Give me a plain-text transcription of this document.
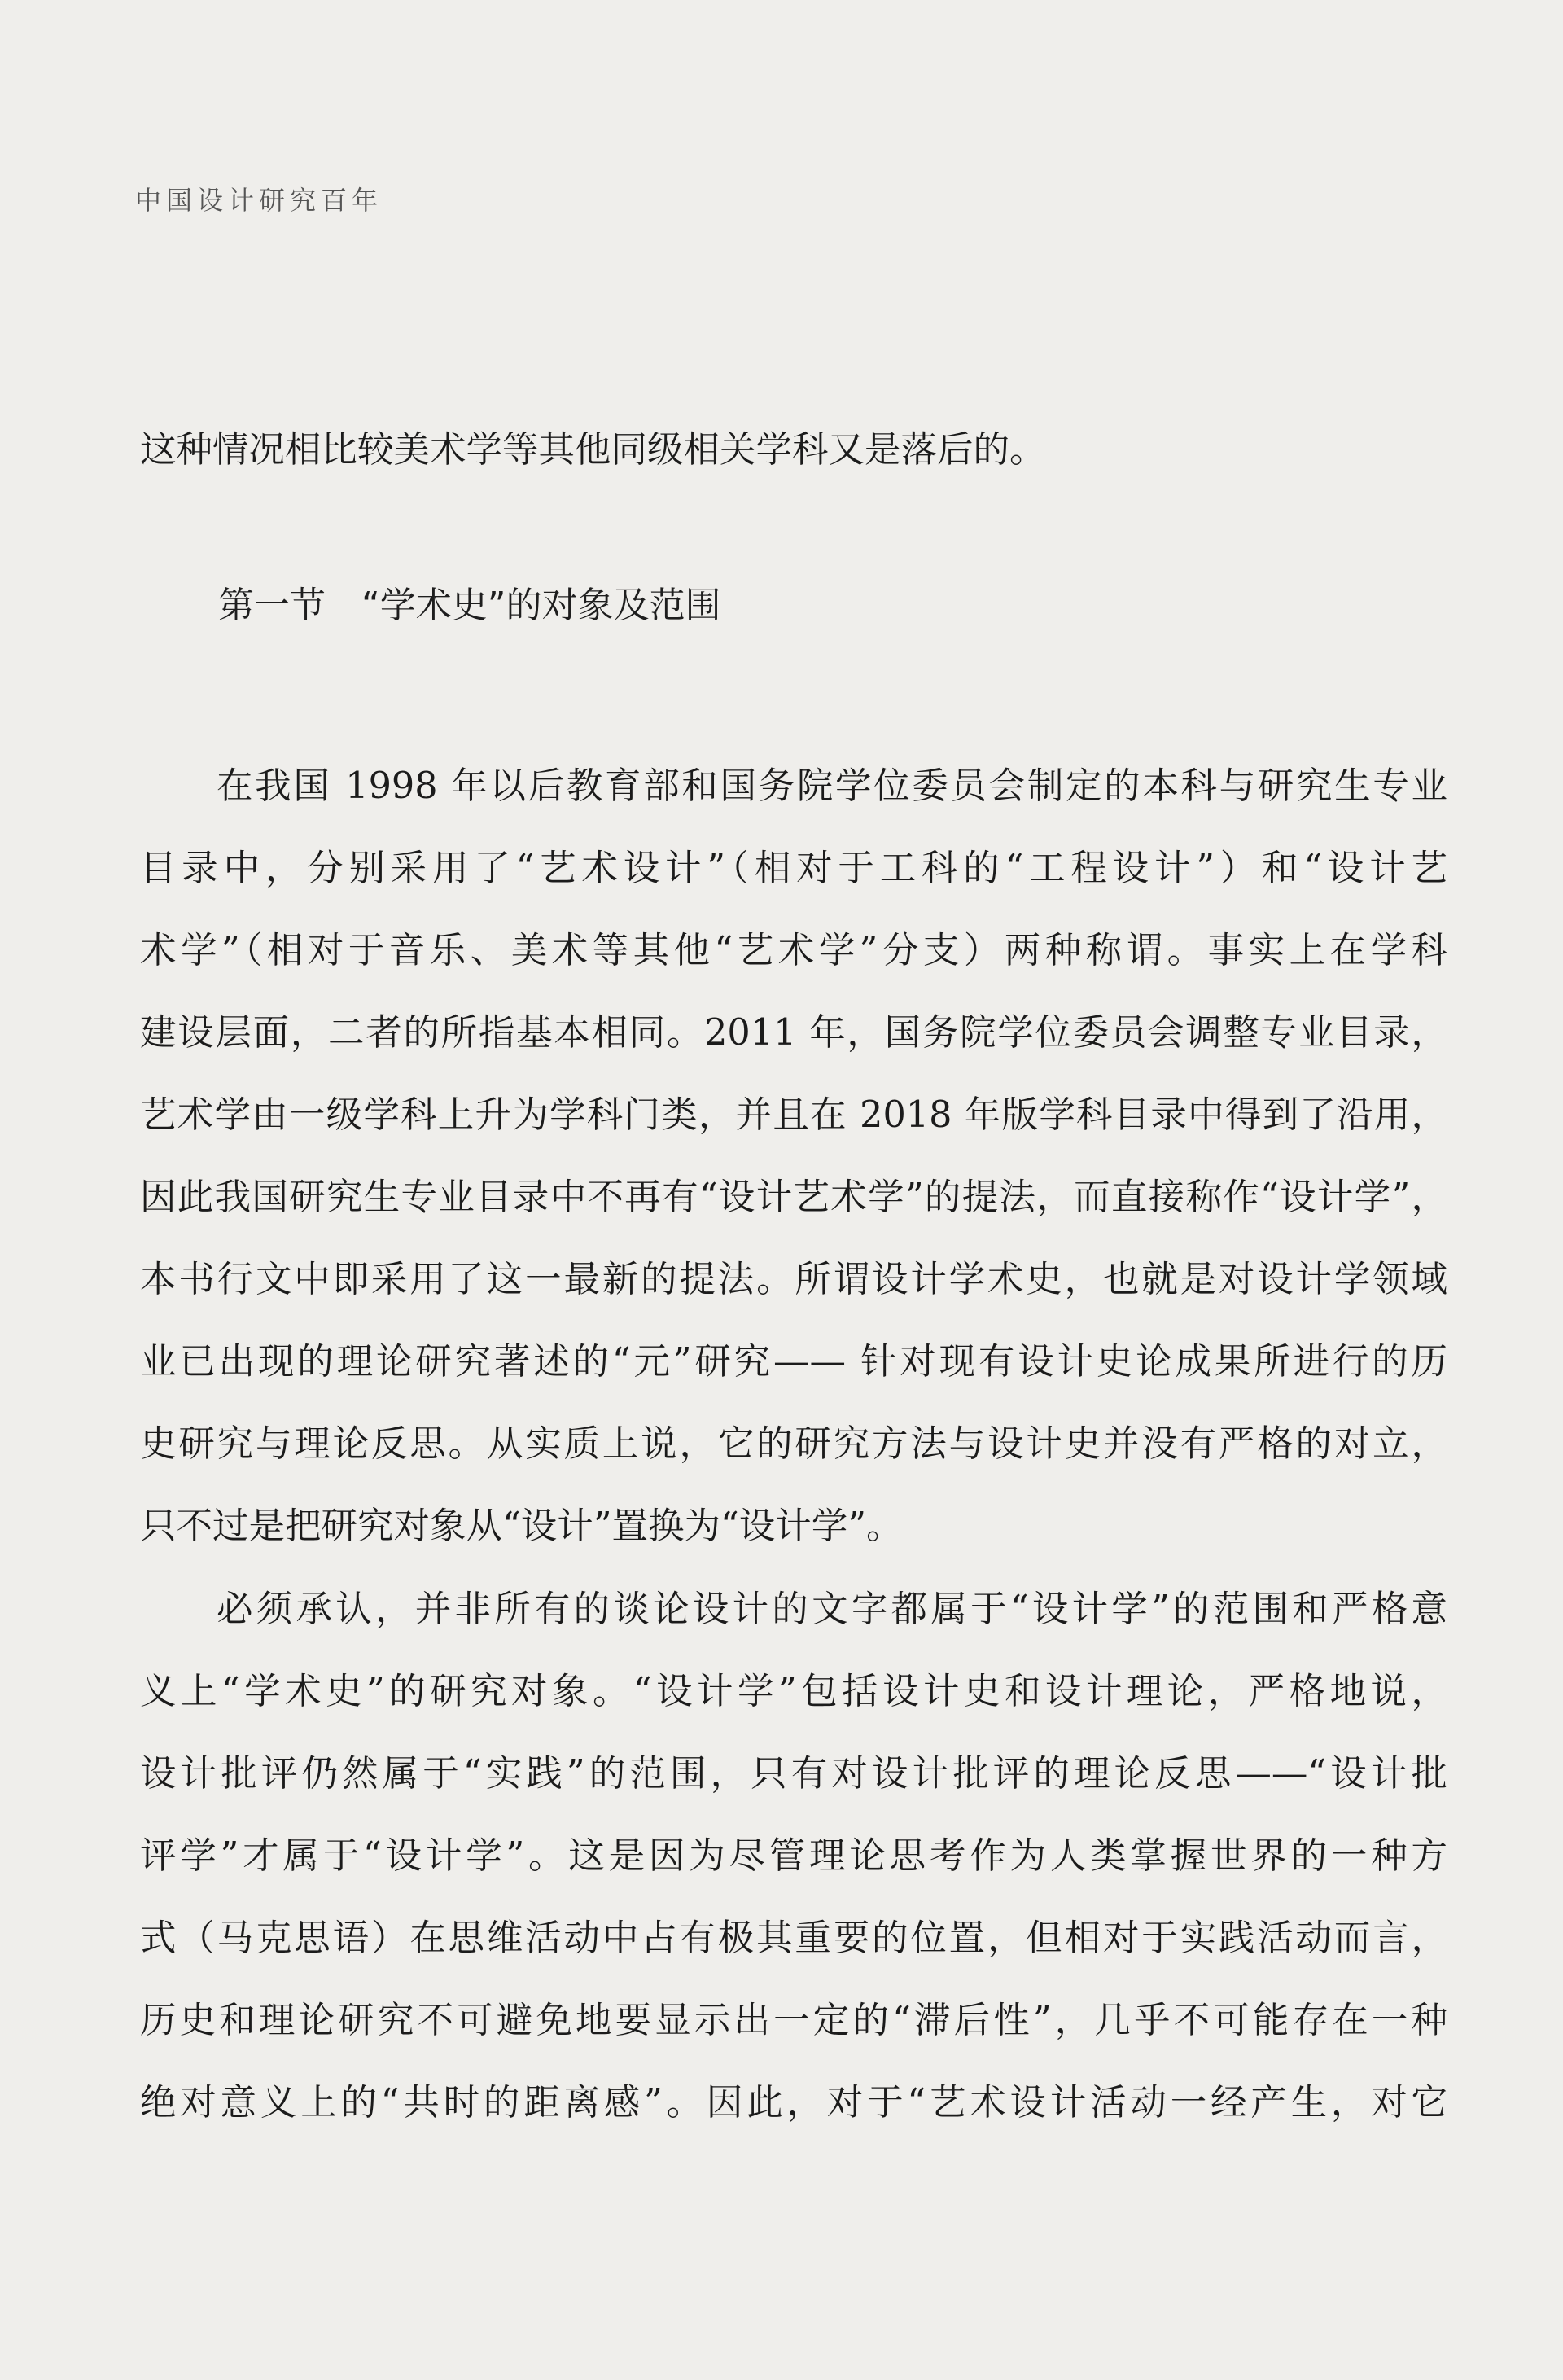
中国设计研究百年
这种情况相比较美术学等其他同级相关学科又是落后的。
第一节 “学术史”的对象及范围
在我国 1998 年以后教育部和国务院学位委员会制定的本科与研究生专业
目录中，分别采用了“艺术设计”（相对于工科的“工程设计”）和“设计艺
术学”（相对于音乐、美术等其他“艺术学”分支）两种称谓。事实上在学科
建设层面，二者的所指基本相同。2011 年，国务院学位委员会调整专业目录，
艺术学由一级学科上升为学科门类，并且在 2018 年版学科目录中得到了沿用，
因此我国研究生专业目录中不再有“设计艺术学”的提法，而直接称作“设计学”，
本书行文中即采用了这一最新的提法。所谓设计学术史，也就是对设计学领域
业已出现的理论研究著述的“元”研究—— 针对现有设计史论成果所进行的历
史研究与理论反思。从实质上说，它的研究方法与设计史并没有严格的对立，
只不过是把研究对象从“设计”置换为“设计学”。
必须承认，并非所有的谈论设计的文字都属于“设计学”的范围和严格意
义上“学术史”的研究对象。“设计学”包括设计史和设计理论，严格地说，
设计批评仍然属于“实践”的范围，只有对设计批评的理论反思——“设计批
评学”才属于“设计学”。这是因为尽管理论思考作为人类掌握世界的一种方
式（马克思语）在思维活动中占有极其重要的位置，但相对于实践活动而言，
历史和理论研究不可避免地要显示出一定的“滞后性”，几乎不可能存在一种
绝对意义上的“共时的距离感”。因此，对于“艺术设计活动一经产生，对它
